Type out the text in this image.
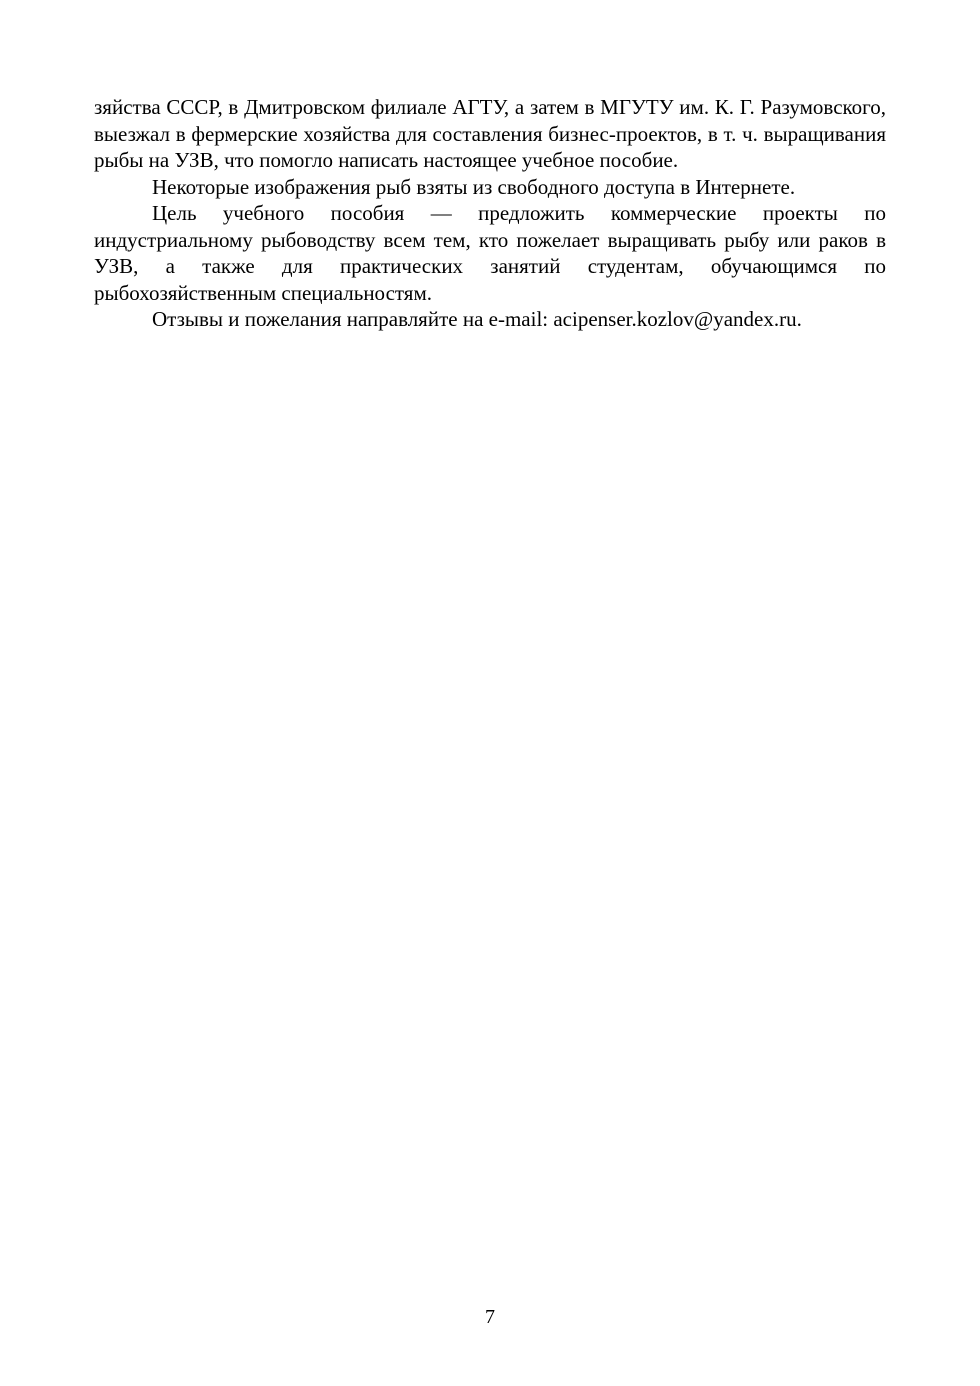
зяйства СССР, в Дмитровском филиале АГТУ, а затем в МГУТУ им. К. Г. Разумовского, выезжал в фермерские хозяйства для составления бизнес-проектов, в т. ч. выращивания рыбы на УЗВ, что помогло написать настоящее учебное пособие.

Некоторые изображения рыб взяты из свободного доступа в Интернете.

Цель учебного пособия — предложить коммерческие проекты по индустриальному рыбоводству всем тем, кто пожелает выращивать рыбу или раков в УЗВ, а также для практических занятий студентам, обучающимся по рыбохозяйственным специальностям.

Отзывы и пожелания направляйте на e-mail: acipenser.kozlov@yandex.ru.

7
